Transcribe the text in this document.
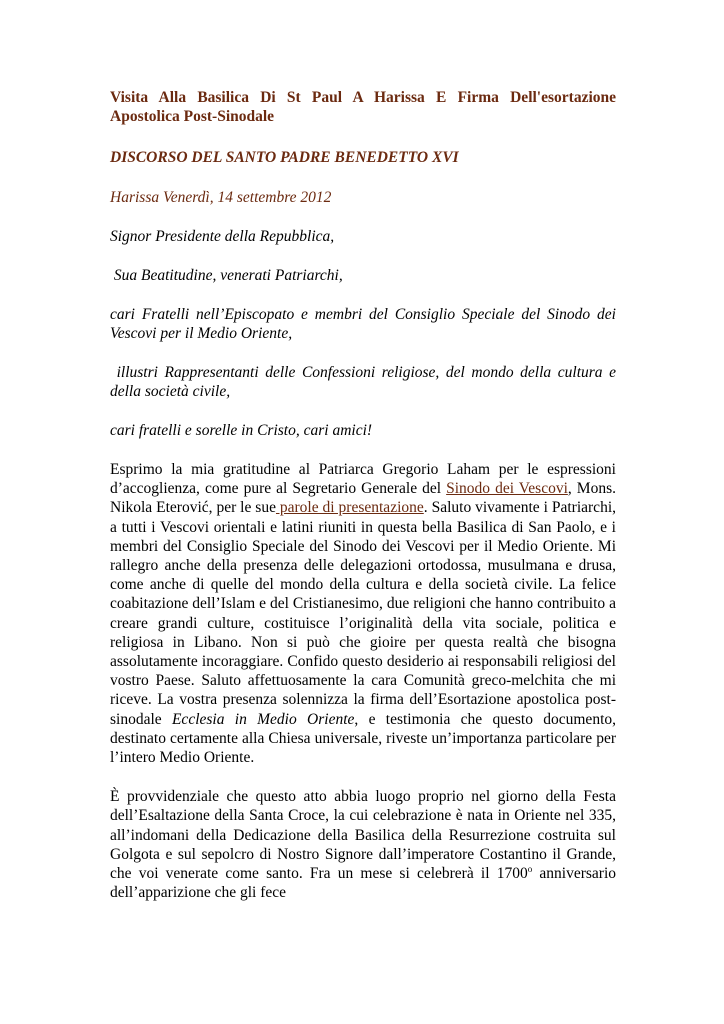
Visita Alla Basilica Di St Paul A Harissa E Firma Dell'esortazione
Apostolica Post-Sinodale
DISCORSO DEL SANTO PADRE BENEDETTO XVI
Harissa Venerdì, 14 settembre 2012
Signor Presidente della Repubblica,
Sua Beatitudine, venerati Patriarchi,
cari Fratelli nell’Episcopato e membri del Consiglio Speciale del Sinodo dei Vescovi per il Medio Oriente,
illustri Rappresentanti delle Confessioni religiose, del mondo della cultura e della società civile,
cari fratelli e sorelle in Cristo, cari amici!

Esprimo la mia gratitudine al Patriarca Gregorio Laham per le espressioni d’accoglienza, come pure al Segretario Generale del Sinodo dei Vescovi, Mons. Nikola Eterović, per le sue parole di presentazione. Saluto vivamente i Patriarchi, a tutti i Vescovi orientali e latini riuniti in questa bella Basilica di San Paolo, e i membri del Consiglio Speciale del Sinodo dei Vescovi per il Medio Oriente. Mi rallegro anche della presenza delle delegazioni ortodossa, musulmana e drusa, come anche di quelle del mondo della cultura e della società civile. La felice coabitazione dell’Islam e del Cristianesimo, due religioni che hanno contribuito a creare grandi culture, costituisce l’originalità della vita sociale, politica e religiosa in Libano. Non si può che gioire per questa realtà che bisogna assolutamente incoraggiare. Confido questo desiderio ai responsabili religiosi del vostro Paese. Saluto affettuosamente la cara Comunità greco-melchita che mi riceve. La vostra presenza solennizza la firma dell’Esortazione apostolica post-sinodale Ecclesia in Medio Oriente, e testimonia che questo documento, destinato certamente alla Chiesa universale, riveste un’importanza particolare per l’intero Medio Oriente.

È provvidenziale che questo atto abbia luogo proprio nel giorno della Festa dell’Esaltazione della Santa Croce, la cui celebrazione è nata in Oriente nel 335, all’indomani della Dedicazione della Basilica della Resurrezione costruita sul Golgota e sul sepolcro di Nostro Signore dall’imperatore Costantino il Grande, che voi venerate come santo. Fra un mese si celebrerà il 1700$^o$ anniversario dell’apparizione che gli fece
